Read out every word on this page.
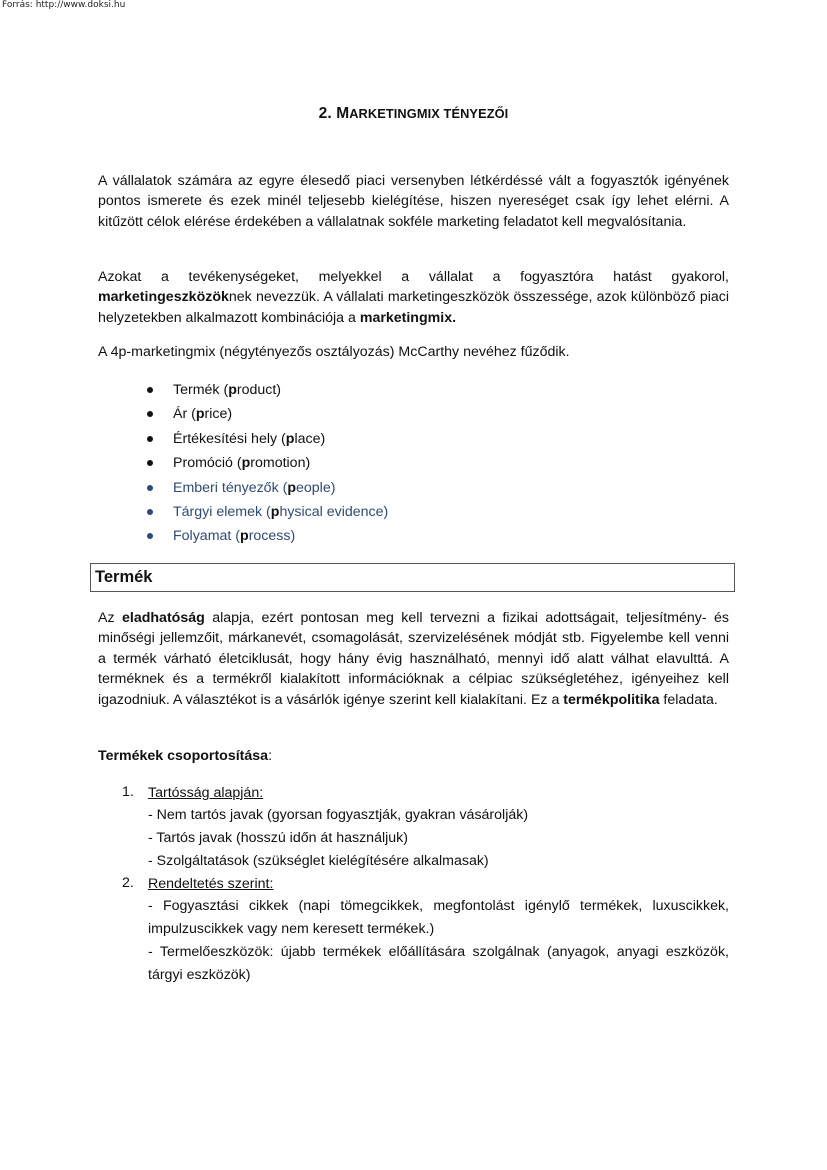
Forrás: http://www.doksi.hu
2. MARKETINGMIX TÉNYEZŐI

A vállalatok számára az egyre élesedő piaci versenyben létkérdéssé vált a fogyasztók igényének pontos ismerete és ezek minél teljesebb kielégítése, hiszen nyereséget csak így lehet elérni. A kitűzött célok elérése érdekében a vállalatnak sokféle marketing feladatot kell megvalósítania.

Azokat a tevékenységeket, melyekkel a vállalat a fogyasztóra hatást gyakorol, marketingeszközöknek nevezzük. A vállalati marketingeszközök összessége, azok különböző piaci helyzetekben alkalmazott kombinációja a marketingmix.

A 4p-marketingmix (négytényezős osztályozás) McCarthy nevéhez fűződik.

Termék (product)
Ár (price)
Értékesítési hely (place)
Promóció (promotion)
Emberi tényezők (people)
Tárgyi elemek (physical evidence)
Folyamat (process)
Termék

Az eladhatóság alapja, ezért pontosan meg kell tervezni a fizikai adottságait, teljesítmény- és minőségi jellemzőit, márkanevét, csomagolását, szervizelésének módját stb. Figyelembe kell venni a termék várható életciklusát, hogy hány évig használható, mennyi idő alatt válhat elavulttá. A terméknek és a termékről kialakított információknak a célpiac szükségletéhez, igényeihez kell igazodniuk. A választékot is a vásárlók igénye szerint kell kialakítani. Ez a termékpolitika feladata.

Termékek csoportosítása:

1. Tartósság alapján:
- Nem tartós javak (gyorsan fogyasztják, gyakran vásárolják)
- Tartós javak (hosszú időn át használjuk)
- Szolgáltatások (szükséglet kielégítésére alkalmasak)
2. Rendeltetés szerint:
- Fogyasztási cikkek (napi tömegcikkek, megfontolást igénylő termékek, luxuscikkek, impulzuscikkek vagy nem keresett termékek.)
- Termelőeszközök: újabb termékek előállítására szolgálnak (anyagok, anyagi eszközök, tárgyi eszközök)
